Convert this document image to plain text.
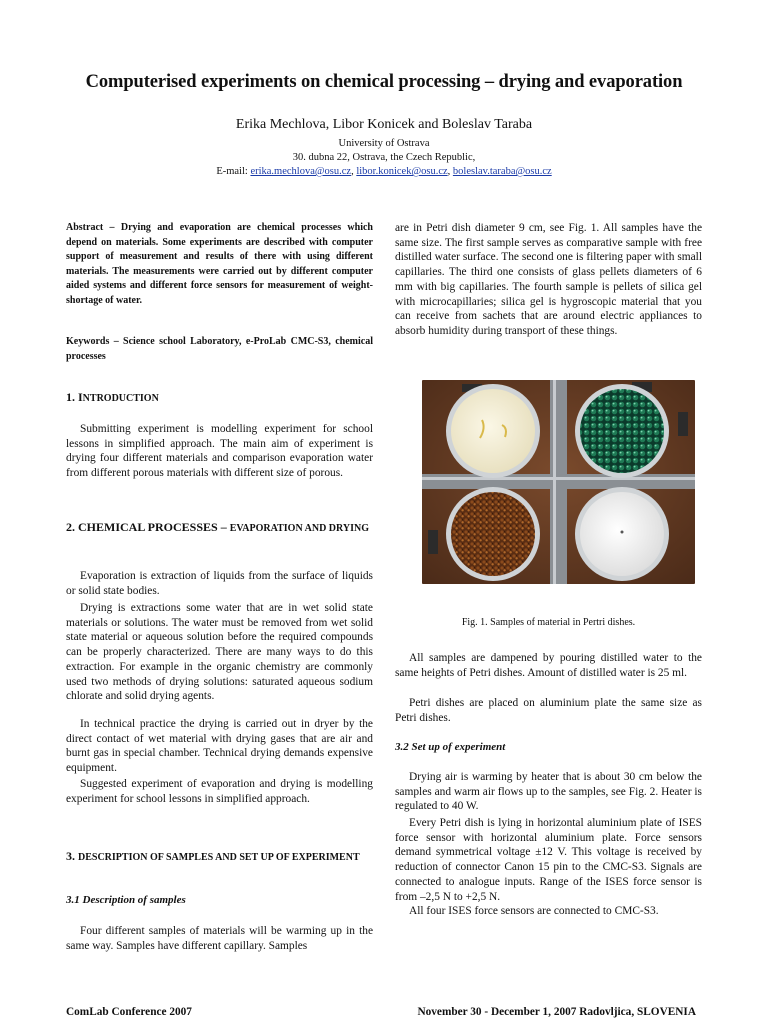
Computerised experiments on chemical processing – drying and evaporation
Erika Mechlova, Libor Konicek and Boleslav Taraba
University of Ostrava
30. dubna 22, Ostrava, the Czech Republic,
E-mail: erika.mechlova@osu.cz, libor.konicek@osu.cz, boleslav.taraba@osu.cz

Abstract – Drying and evaporation are chemical processes which depend on materials. Some experiments are described with computer support of measurement and results of there with using different materials. The measurements were carried out by different computer aided systems and different force sensors for measurement of weight-shortage of water.

Keywords – Science school Laboratory, e-ProLab CMC-S3, chemical processes

1. INTRODUCTION

Submitting experiment is modelling experiment for school lessons in simplified approach. The main aim of experiment is drying four different materials and comparison evaporation water from different porous materials with different size of porous.

2. CHEMICAL PROCESSES – EVAPORATION AND DRYING

Evaporation is extraction of liquids from the surface of liquids or solid state bodies.

Drying is extractions some water that are in wet solid state materials or solutions. The water must be removed from wet solid state material or aqueous solution before the required compounds can be properly characterized. There are many ways to do this extraction. For example in the organic chemistry are commonly used two methods of drying solutions: saturated aqueous sodium chlorate and solid drying agents.

In technical practice the drying is carried out in dryer by the direct contact of wet material with drying gases that are air and burnt gas in special chamber. Technical drying demands expensive equipment.

Suggested experiment of evaporation and drying is modelling experiment for school lessons in simplified approach.

3. DESCRIPTION OF SAMPLES AND SET UP OF EXPERIMENT
3.1 Description of samples

Four different samples of materials will be warming up in the same way. Samples have different capillary. Samples

are in Petri dish diameter 9 cm, see Fig. 1. All samples have the same size. The first sample serves as comparative sample with free distilled water surface. The second one is filtering paper with small capillaries. The third one consists of glass pellets diameters of 6 mm with big capillaries. The fourth sample is pellets of silica gel with microcapillaries; silica gel is hygroscopic material that you can receive from sachets that are around electric appliances to absorb humidity during transport of these things.

All samples are dampened by pouring distilled water to the same heights of Petri dishes. Amount of distilled water is 25 ml.

Petri dishes are placed on aluminium plate the same size as Petri dishes.

3.2 Set up of experiment

Drying air is warming by heater that is about 30 cm below the samples and warm air flows up to the samples, see Fig. 2. Heater is regulated to 40 W.

Every Petri dish is lying in horizontal aluminium plate of ISES force sensor with horizontal aluminium plate. Force sensors demand symmetrical voltage ±12 V. This voltage is received by reduction of connector Canon 15 pin to the CMC-S3. Signals are connected to analogue inputs. Range of the ISES force sensor is from –2,5 N to +2,5 N.

All four ISES force sensors are connected to CMC-S3.

Fig. 1. Samples of material in Pertri dishes.
ComLab Conference 2007	November 30 - December 1, 2007 Radovljica, SLOVENIA
